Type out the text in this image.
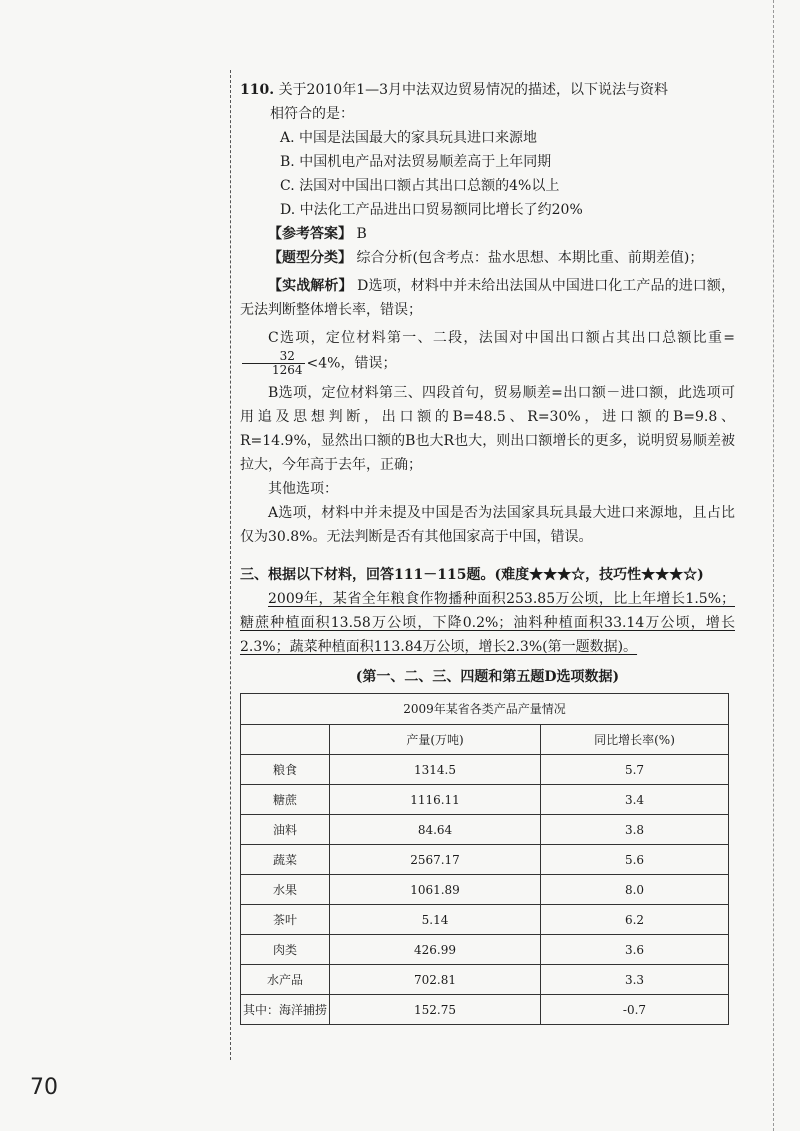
110. 关于2010年1—3月中法双边贸易情况的描述，以下说法与资料

相符合的是：

A. 中国是法国最大的家具玩具进口来源地

B. 中国机电产品对法贸易顺差高于上年同期

C. 法国对中国出口额占其出口总额的4%以上

D. 中法化工产品进出口贸易额同比增长了约20%

【参考答案】 B

【题型分类】 综合分析(包含考点：盐水思想、本期比重、前期差值)；

【实战解析】 D选项，材料中并未给出法国从中国进口化工产品的进口额，无法判断整体增长率，错误；

C选项，定位材料第一、二段，法国对中国出口额占其出口总额比重=
$\frac{32}{1264} <4\%$，错误；

B选项，定位材料第三、四段首句，贸易顺差=出口额－进口额，此选项可用追及思想判断，出口额的B=48.5、R=30%，进口额的B=9.8、R=14.9%，显然出口额的B也大R也大，则出口额增长的更多，说明贸易顺差被拉大，今年高于去年，正确；

其他选项：

A选项，材料中并未提及中国是否为法国家具玩具最大进口来源地，且占比仅为30.8%。无法判断是否有其他国家高于中国，错误。

三、根据以下材料，回答111－115题。(难度★★★☆，技巧性★★★☆)

2009年，某省全年粮食作物播种面积253.85万公顷，比上年增长1.5%；糖蔗种植面积13.58万公顷，下降0.2%；油料种植面积33.14万公顷，增长2.3%；蔬菜种植面积113.84万公顷，增长2.3%(第一题数据)。

(第一、二、三、四题和第五题D选项数据)

2009年某省各类产品产量情况		
	产量(万吨)	同比增长率(%)
粮食	1314.5	5.7
糖蔗	1116.11	3.4
油料	84.64	3.8
蔬菜	2567.17	5.6
水果	1061.89	8.0
茶叶	5.14	6.2
肉类	426.99	3.6
水产品	702.81	3.3
其中：海洋捕捞	152.75	-0.7
70
